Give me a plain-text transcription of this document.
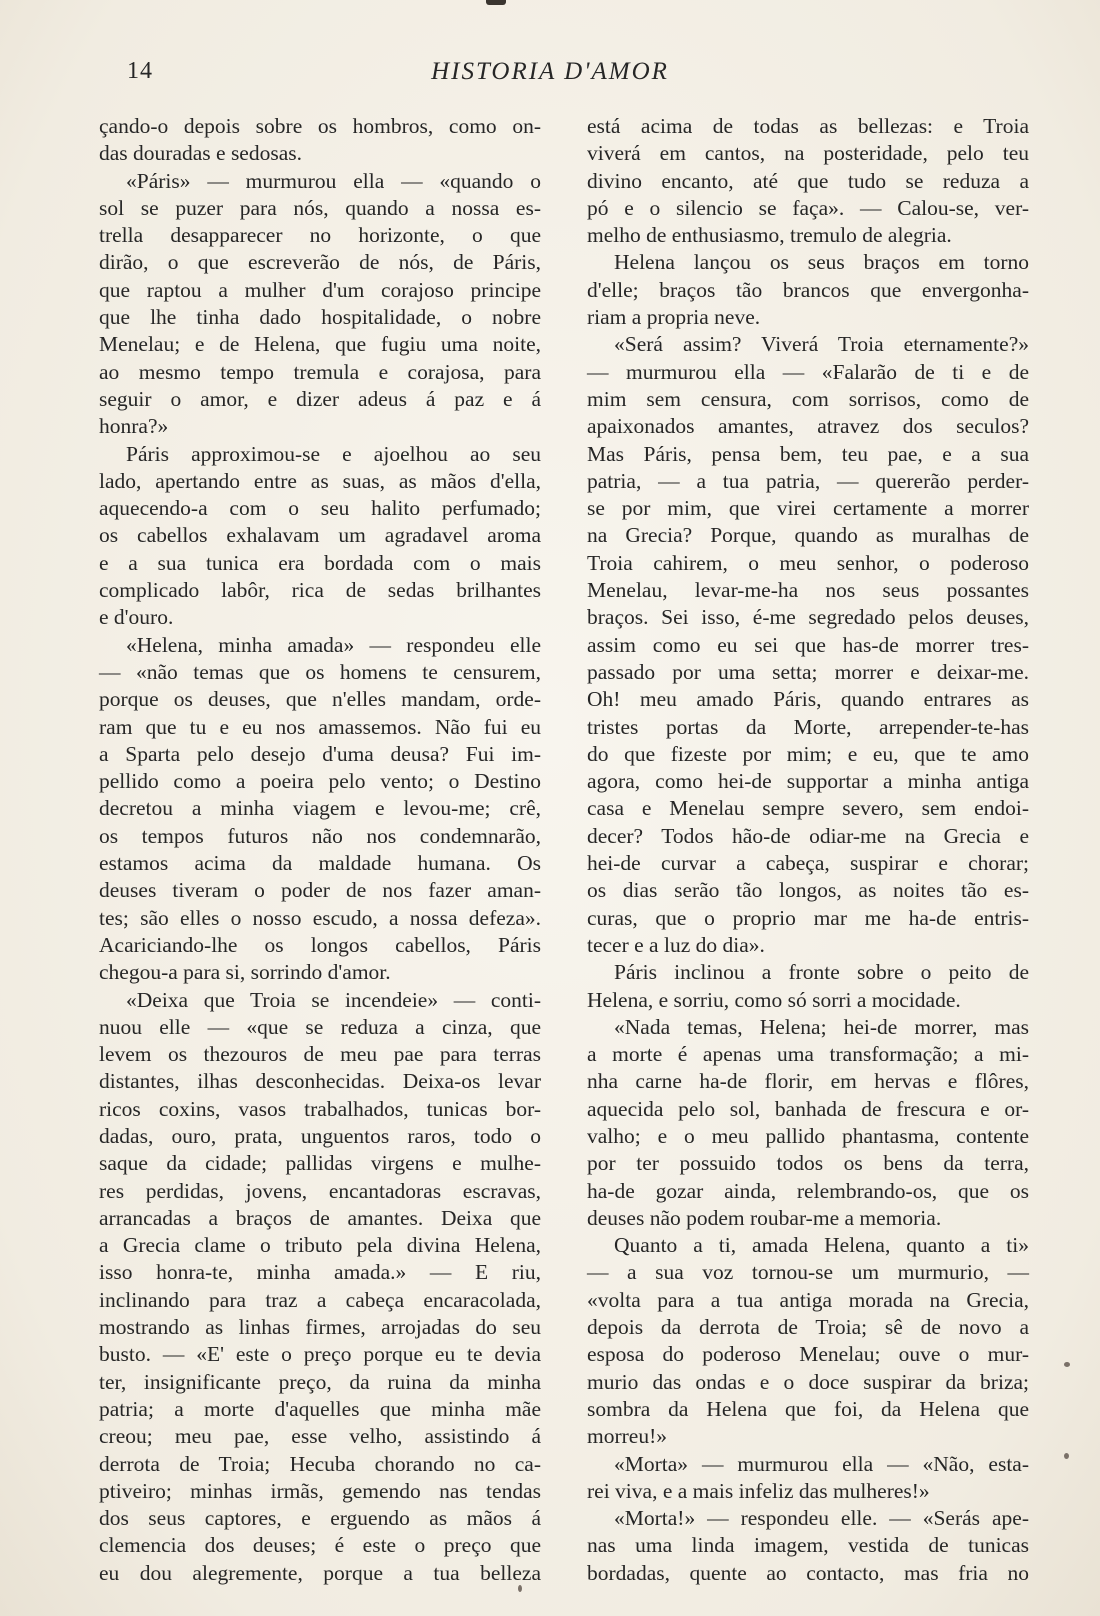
14	HISTORIA D'AMOR
çando-o depois sobre os hombros, como on-
das douradas e sedosas.
«Páris» — murmurou ella — «quando o
sol se puzer para nós, quando a nossa es-
trella desapparecer no horizonte, o que
dirão, o que escreverão de nós, de Páris,
que raptou a mulher d'um corajoso principe
que lhe tinha dado hospitalidade, o nobre
Menelau; e de Helena, que fugiu uma noite,
ao mesmo tempo tremula e corajosa, para
seguir o amor, e dizer adeus á paz e á
honra?»
Páris approximou-se e ajoelhou ao seu
lado, apertando entre as suas, as mãos d'ella,
aquecendo-a com o seu halito perfumado;
os cabellos exhalavam um agradavel aroma
e a sua tunica era bordada com o mais
complicado labôr, rica de sedas brilhantes
e d'ouro.
«Helena, minha amada» — respondeu elle
— «não temas que os homens te censurem,
porque os deuses, que n'elles mandam, orde-
ram que tu e eu nos amassemos. Não fui eu
a Sparta pelo desejo d'uma deusa? Fui im-
pellido como a poeira pelo vento; o Destino
decretou a minha viagem e levou-me; crê,
os tempos futuros não nos condemnarão,
estamos acima da maldade humana. Os
deuses tiveram o poder de nos fazer aman-
tes; são elles o nosso escudo, a nossa defeza».
Acariciando-lhe os longos cabellos, Páris
chegou-a para si, sorrindo d'amor.
«Deixa que Troia se incendeie» — conti-
nuou elle — «que se reduza a cinza, que
levem os thezouros de meu pae para terras
distantes, ilhas desconhecidas. Deixa-os levar
ricos coxins, vasos trabalhados, tunicas bor-
dadas, ouro, prata, unguentos raros, todo o
saque da cidade; pallidas virgens e mulhe-
res perdidas, jovens, encantadoras escravas,
arrancadas a braços de amantes. Deixa que
a Grecia clame o tributo pela divina Helena,
isso honra-te, minha amada.» — E riu,
inclinando para traz a cabeça encaracolada,
mostrando as linhas firmes, arrojadas do seu
busto. — «E' este o preço porque eu te devia
ter, insignificante preço, da ruina da minha
patria; a morte d'aquelles que minha mãe
creou; meu pae, esse velho, assistindo á
derrota de Troia; Hecuba chorando no ca-
ptiveiro; minhas irmãs, gemendo nas tendas
dos seus captores, e erguendo as mãos á
clemencia dos deuses; é este o preço que
eu dou alegremente, porque a tua belleza
está acima de todas as bellezas: e Troia
viverá em cantos, na posteridade, pelo teu
divino encanto, até que tudo se reduza a
pó e o silencio se faça». — Calou-se, ver-
melho de enthusiasmo, tremulo de alegria.
Helena lançou os seus braços em torno
d'elle; braços tão brancos que envergonha-
riam a propria neve.
«Será assim? Viverá Troia eternamente?»
— murmurou ella — «Falarão de ti e de
mim sem censura, com sorrisos, como de
apaixonados amantes, atravez dos seculos?
Mas Páris, pensa bem, teu pae, e a sua
patria, — a tua patria, — quererão perder-
se por mim, que virei certamente a morrer
na Grecia? Porque, quando as muralhas de
Troia cahirem, o meu senhor, o poderoso
Menelau, levar-me-ha nos seus possantes
braços. Sei isso, é-me segredado pelos deuses,
assim como eu sei que has-de morrer tres-
passado por uma setta; morrer e deixar-me.
Oh! meu amado Páris, quando entrares as
tristes portas da Morte, arrepender-te-has
do que fizeste por mim; e eu, que te amo
agora, como hei-de supportar a minha antiga
casa e Menelau sempre severo, sem endoi-
decer? Todos hão-de odiar-me na Grecia e
hei-de curvar a cabeça, suspirar e chorar;
os dias serão tão longos, as noites tão es-
curas, que o proprio mar me ha-de entris-
tecer e a luz do dia».
Páris inclinou a fronte sobre o peito de
Helena, e sorriu, como só sorri a mocidade.
«Nada temas, Helena; hei-de morrer, mas
a morte é apenas uma transformação; a mi-
nha carne ha-de florir, em hervas e flôres,
aquecida pelo sol, banhada de frescura e or-
valho; e o meu pallido phantasma, contente
por ter possuido todos os bens da terra,
ha-de gozar ainda, relembrando-os, que os
deuses não podem roubar-me a memoria.
Quanto a ti, amada Helena, quanto a ti»
— a sua voz tornou-se um murmurio, —
«volta para a tua antiga morada na Grecia,
depois da derrota de Troia; sê de novo a
esposa do poderoso Menelau; ouve o mur-
murio das ondas e o doce suspirar da briza;
sombra da Helena que foi, da Helena que
morreu!»
«Morta» — murmurou ella — «Não, esta-
rei viva, e a mais infeliz das mulheres!»
«Morta!» — respondeu elle. — «Serás ape-
nas uma linda imagem, vestida de tunicas
bordadas, quente ao contacto, mas fria no
